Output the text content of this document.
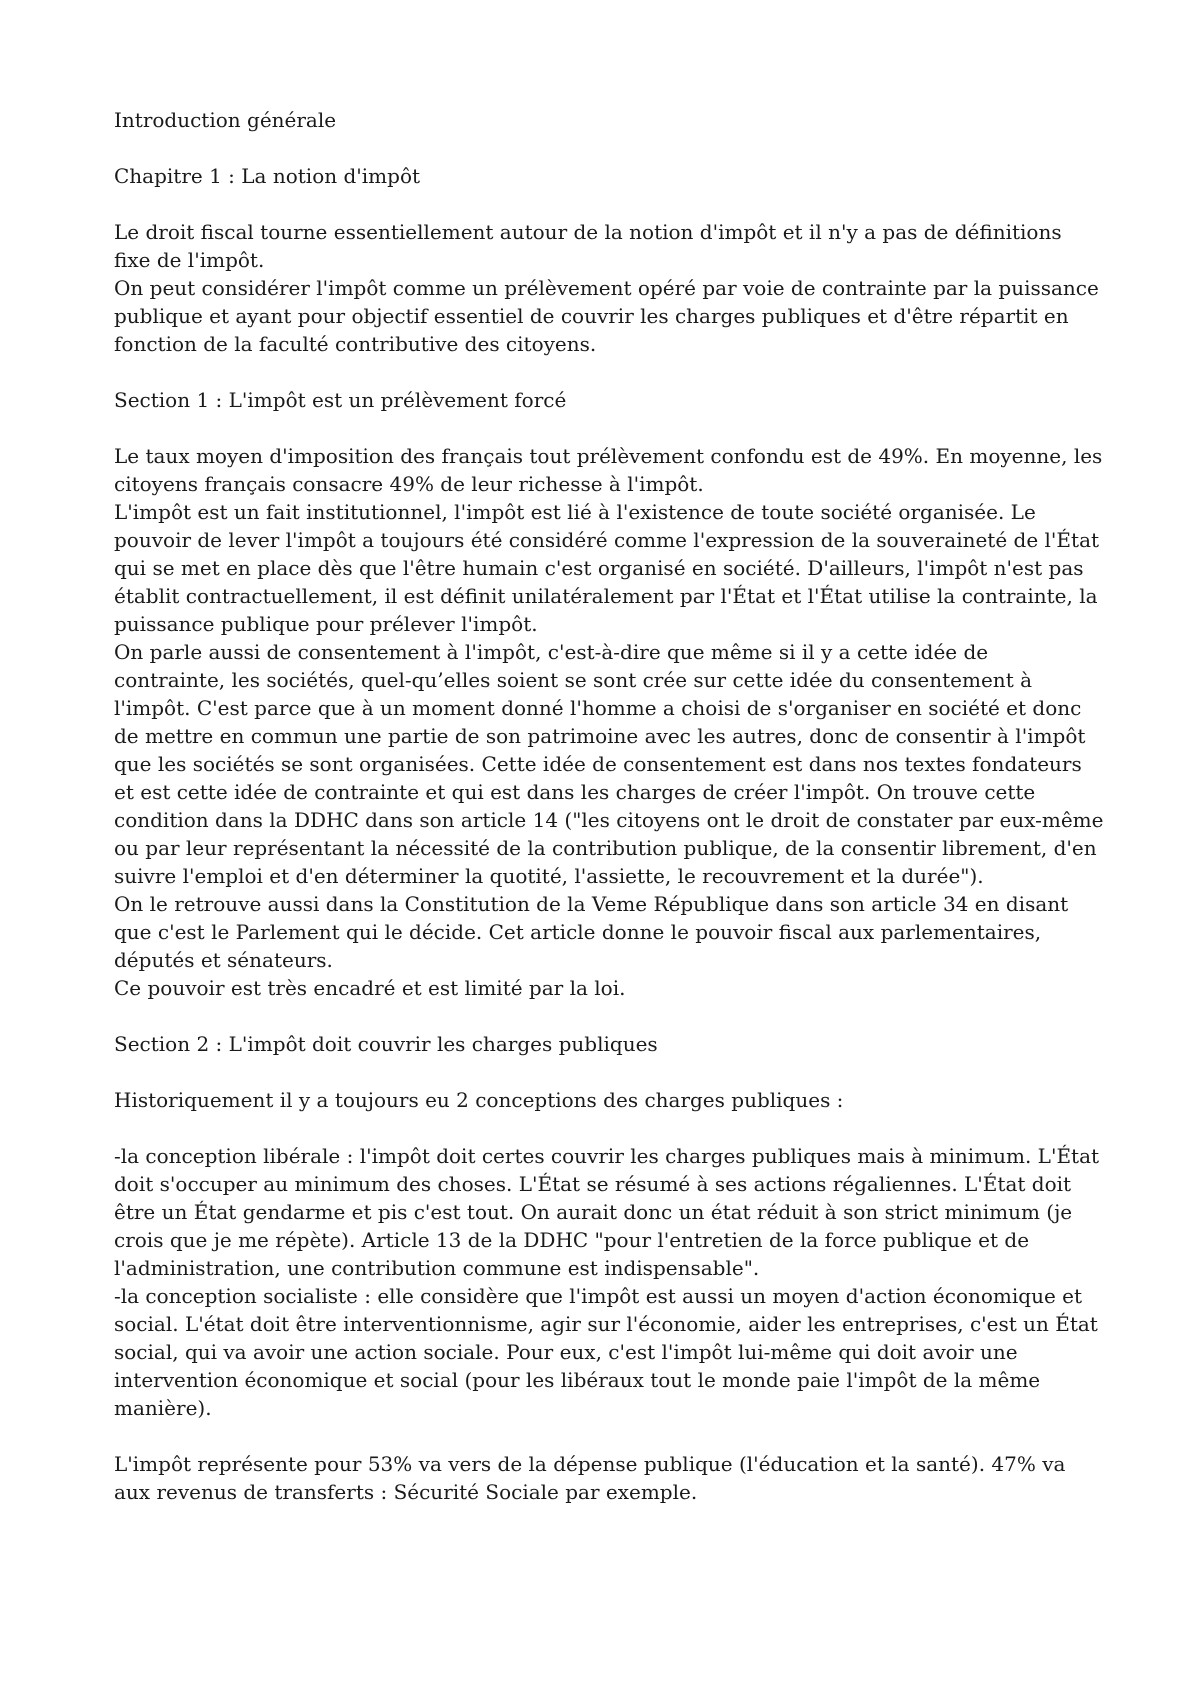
Introduction générale

Chapitre 1 : La notion d'impôt

Le droit fiscal tourne essentiellement autour de la notion d'impôt et il n'y a pas de définitions fixe de l'impôt.

On peut considérer l'impôt comme un prélèvement opéré par voie de contrainte par la puissance publique et ayant pour objectif essentiel de couvrir les charges publiques et d'être répartit en fonction de la faculté contributive des citoyens.

Section 1 : L'impôt est un prélèvement forcé

Le taux moyen d'imposition des français tout prélèvement confondu est de 49%. En moyenne, les citoyens français consacre 49% de leur richesse à l'impôt.

L'impôt est un fait institutionnel, l'impôt est lié à l'existence de toute société organisée. Le pouvoir de lever l'impôt a toujours été considéré comme l'expression de la souveraineté de l'État qui se met en place dès que l'être humain c'est organisé en société. D'ailleurs, l'impôt n'est pas établit contractuellement, il est définit unilatéralement par l'État et l'État utilise la contrainte, la puissance publique pour prélever l'impôt.

On parle aussi de consentement à l'impôt, c'est-à-dire que même si il y a cette idée de contrainte, les sociétés, quel-qu’elles soient se sont crée sur cette idée du consentement à l'impôt. C'est parce que à un moment donné l'homme a choisi de s'organiser en société et donc de mettre en commun une partie de son patrimoine avec les autres, donc de consentir à l'impôt que les sociétés se sont organisées. Cette idée de consentement est dans nos textes fondateurs et est cette idée de contrainte et qui est dans les charges de créer l'impôt. On trouve cette condition dans la DDHC dans son article 14 ("les citoyens ont le droit de constater par eux-même ou par leur représentant la nécessité de la contribution publique, de la consentir librement, d'en suivre l'emploi et d'en déterminer la quotité, l'assiette, le recouvrement et la durée").

On le retrouve aussi dans la Constitution de la Veme République dans son article 34 en disant que c'est le Parlement qui le décide. Cet article donne le pouvoir fiscal aux parlementaires, députés et sénateurs.

Ce pouvoir est très encadré et est limité par la loi.

Section 2 : L'impôt doit couvrir les charges publiques

Historiquement il y a toujours eu 2 conceptions des charges publiques :

-la conception libérale : l'impôt doit certes couvrir les charges publiques mais à minimum. L'État doit s'occuper au minimum des choses. L'État se résumé à ses actions régaliennes. L'État doit être un État gendarme et pis c'est tout. On aurait donc un état réduit à son strict minimum (je crois que je me répète). Article 13 de la DDHC "pour l'entretien de la force publique et de l'administration, une contribution commune est indispensable".

-la conception socialiste : elle considère que l'impôt est aussi un moyen d'action économique et social. L'état doit être interventionnisme, agir sur l'économie, aider les entreprises, c'est un État social, qui va avoir une action sociale. Pour eux, c'est l'impôt lui-même qui doit avoir une intervention économique et social (pour les libéraux tout le monde paie l'impôt de la même manière).

L'impôt représente pour 53% va vers de la dépense publique (l'éducation et la santé). 47% va aux revenus de transferts : Sécurité Sociale par exemple.
